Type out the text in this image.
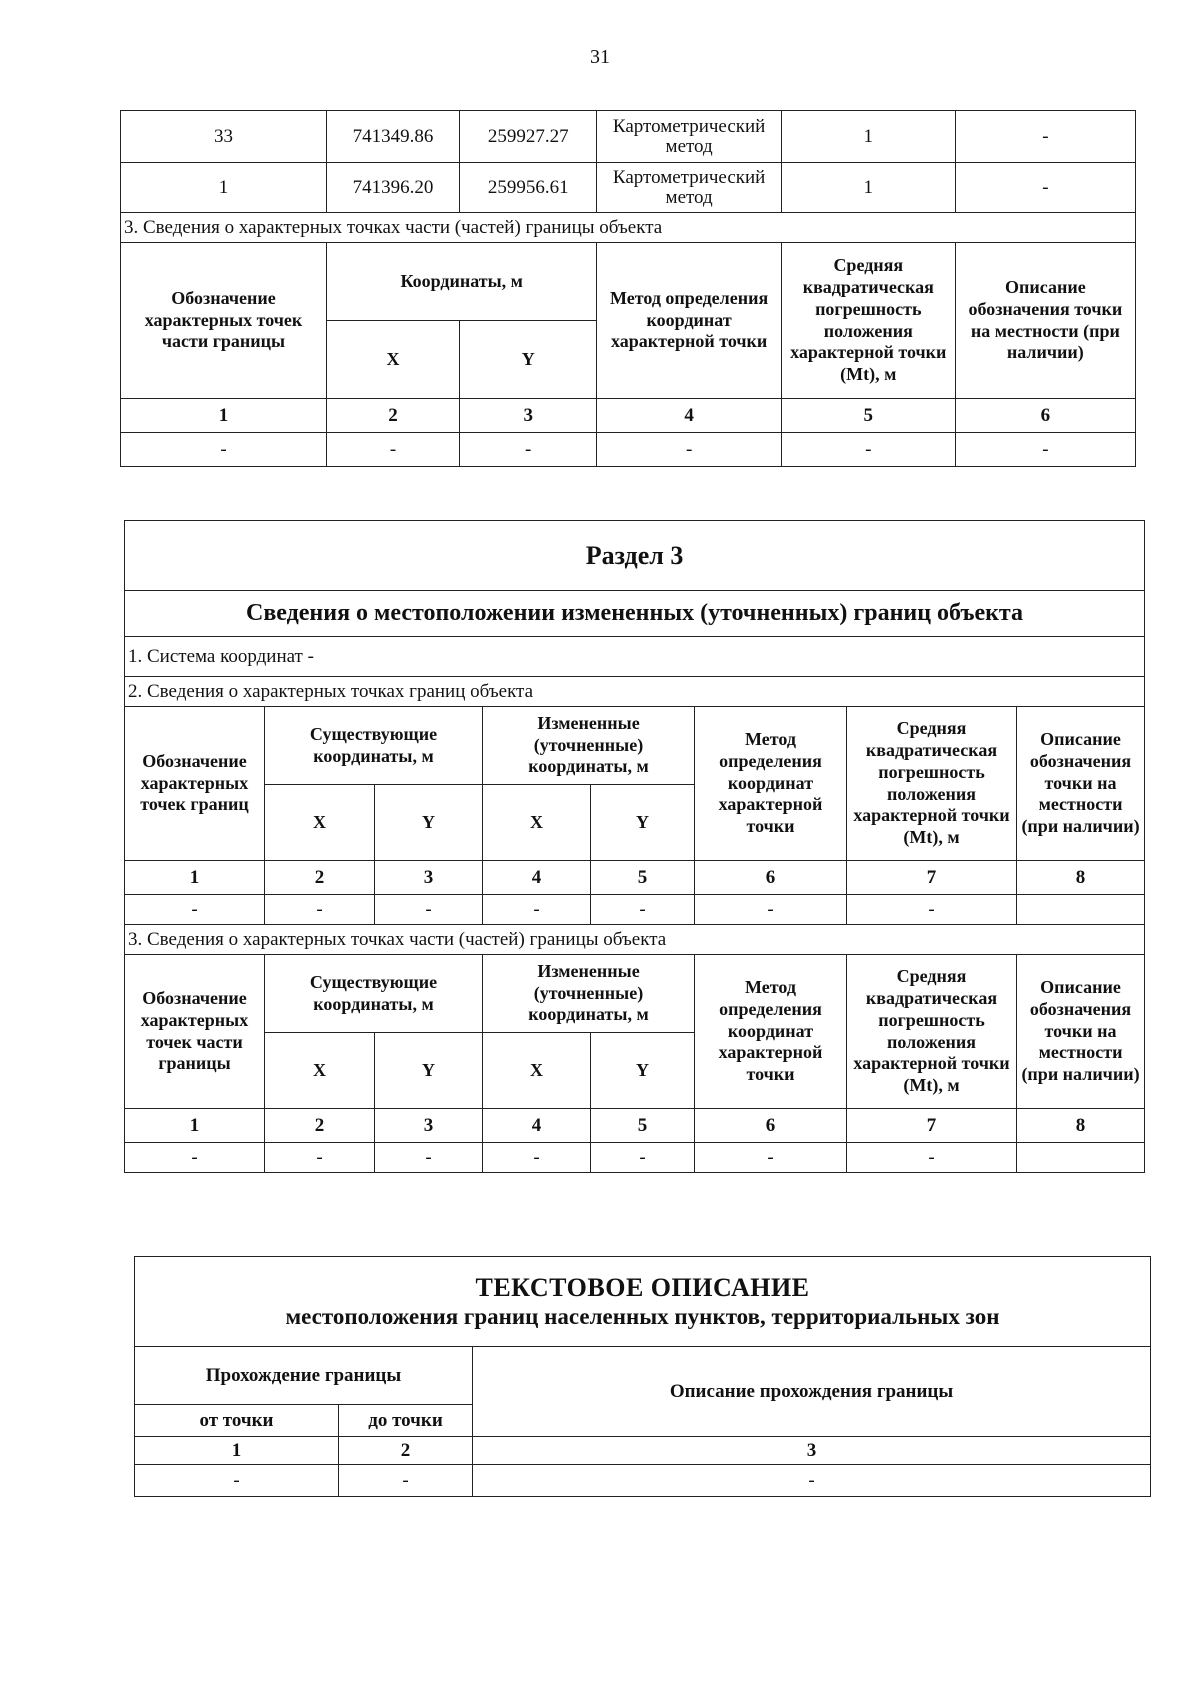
31
33	741349.86	259927.27	Картометрический метод	1	-
1	741396.20	259956.61	Картометрический метод	1	-
3. Сведения о характерных точках части (частей) границы объекта					
Обозначение характерных точек части границы	Координаты, м		Метод определения координат характерной точки	Средняя квадратическая погрешность положения характерной точки (Mt), м	Описание обозначения точки на местности (при наличии)
	X	Y			
1	2	3	4	5	6
-	-	-	-	-	-
Раздел 3							
Сведения о местоположении измененных (уточненных) границ объекта							
1. Система координат -							
2. Сведения о характерных точках границ объекта							
Обозначение характерных точек границ	Существующие координаты, м		Измененные (уточненные) координаты, м		Метод определения координат характерной точки	Средняя квадратическая погрешность положения характерной точки (Mt), м	Описание обозначения точки на местности (при наличии)
	X	Y	X	Y			
1	2	3	4	5	6	7	8
-	-	-	-	-	-	-	
3. Сведения о характерных точках части (частей) границы объекта							
Обозначение характерных точек части границы	Существующие координаты, м		Измененные (уточненные) координаты, м		Метод определения координат характерной точки	Средняя квадратическая погрешность положения характерной точки (Mt), м	Описание обозначения точки на местности (при наличии)
	X	Y	X	Y			
1	2	3	4	5	6	7	8
-	-	-	-	-	-	-	
ТЕКСТОВОЕ ОПИСАНИЕ
местоположения границ населенных пунктов, территориальных зон		

Прохождение границы		Описание прохождения границы
от точки	до точки	
1	2	3
-	-	-
